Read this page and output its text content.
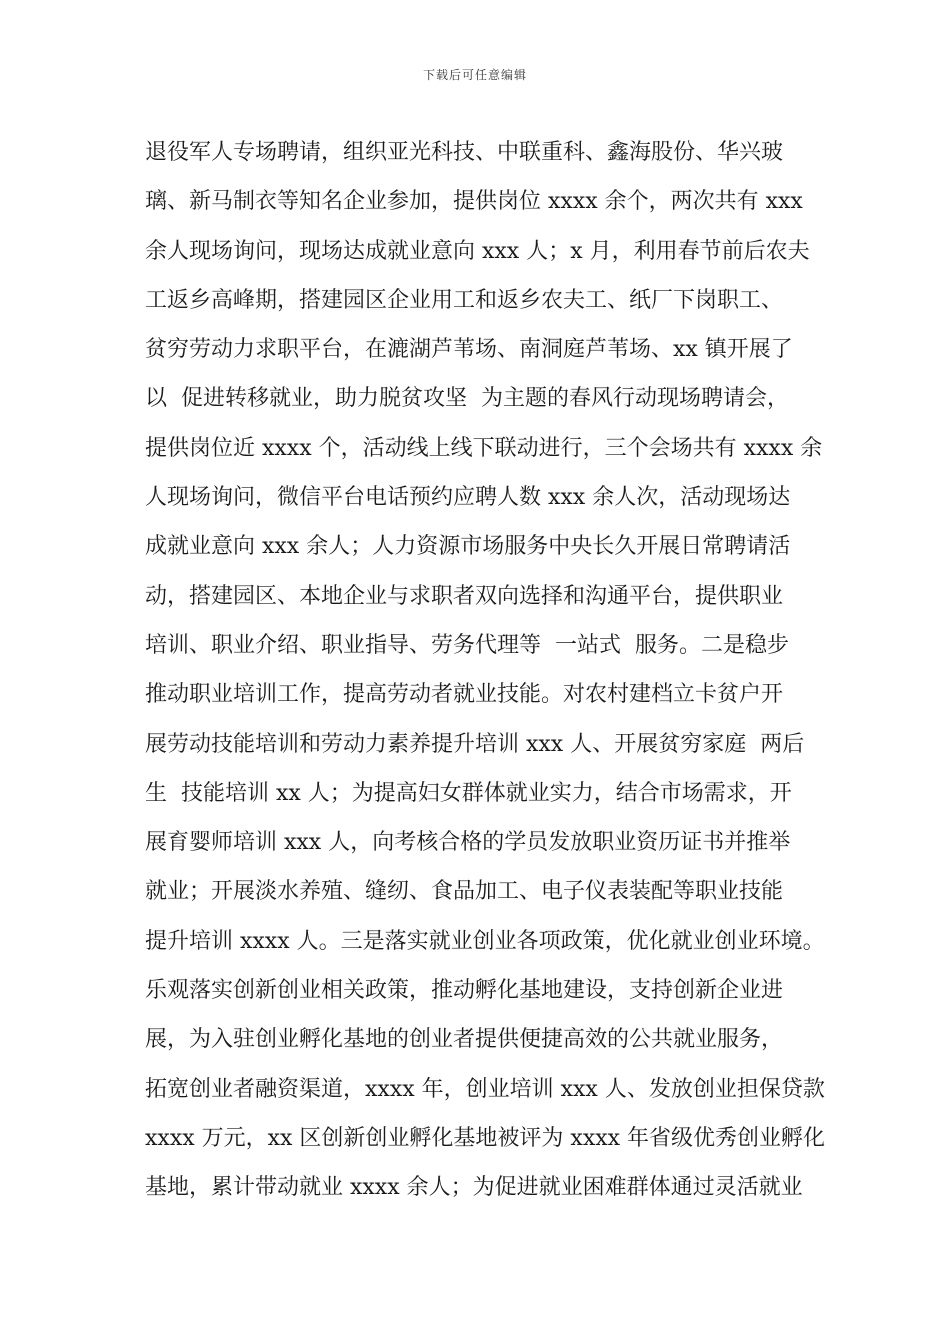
下载后可任意编辑
退役军人专场聘请，组织亚光科技、中联重科、鑫海股份、华兴玻
璃、新马制衣等知名企业参加，提供岗位 xxxx 余个，两次共有 xxx
余人现场询问，现场达成就业意向 xxx 人；x 月，利用春节前后农夫
工返乡高峰期，搭建园区企业用工和返乡农夫工、纸厂下岗职工、
贫穷劳动力求职平台，在漉湖芦苇场、南洞庭芦苇场、xx 镇开展了
以  促进转移就业，助力脱贫攻坚  为主题的春风行动现场聘请会，
提供岗位近 xxxx 个，活动线上线下联动进行，三个会场共有 xxxx 余
人现场询问，微信平台电话预约应聘人数 xxx 余人次，活动现场达
成就业意向 xxx 余人；人力资源市场服务中央长久开展日常聘请活
动，搭建园区、本地企业与求职者双向选择和沟通平台，提供职业
培训、职业介绍、职业指导、劳务代理等  一站式  服务。二是稳步
推动职业培训工作，提高劳动者就业技能。对农村建档立卡贫户开
展劳动技能培训和劳动力素养提升培训 xxx 人、开展贫穷家庭  两后
生  技能培训 xx 人；为提高妇女群体就业实力，结合市场需求，开
展育婴师培训 xxx 人，向考核合格的学员发放职业资历证书并推举
就业；开展淡水养殖、缝纫、食品加工、电子仪表装配等职业技能
提升培训 xxxx 人。三是落实就业创业各项政策，优化就业创业环境。
乐观落实创新创业相关政策，推动孵化基地建设，支持创新企业进
展，为入驻创业孵化基地的创业者提供便捷高效的公共就业服务，
拓宽创业者融资渠道，xxxx 年，创业培训 xxx 人、发放创业担保贷款
xxxx 万元，xx 区创新创业孵化基地被评为 xxxx 年省级优秀创业孵化
基地，累计带动就业 xxxx 余人；为促进就业困难群体通过灵活就业
